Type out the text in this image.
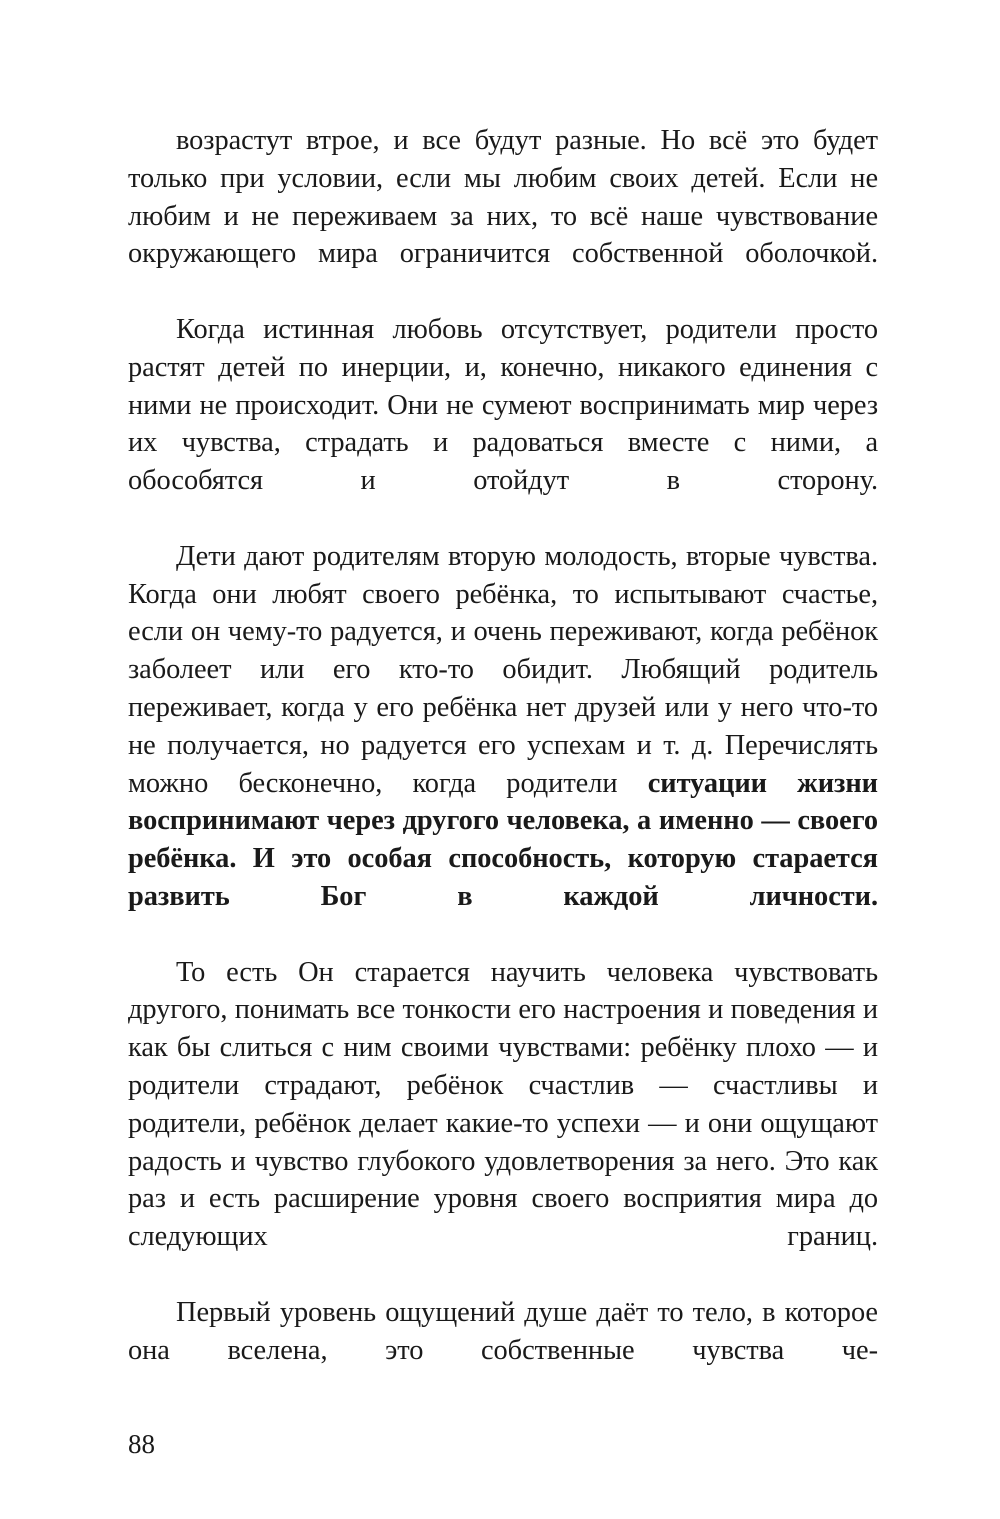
возрастут втрое, и все будут разные. Но всё это будет только при условии, если мы любим своих детей. Если не любим и не переживаем за них, то всё наше чувствование окружающего мира ограничится собственной оболочкой.

Когда истинная любовь отсутствует, родители просто растят детей по инерции, и, конечно, никакого единения с ними не происходит. Они не сумеют воспринимать мир через их чувства, страдать и радоваться вместе с ними, а обособятся и отойдут в сторону.

Дети дают родителям вторую молодость, вторые чувства. Когда они любят своего ребёнка, то испытывают счастье, если он чему-то радуется, и очень переживают, когда ребёнок заболеет или его кто-то обидит. Любящий родитель переживает, когда у его ребёнка нет друзей или у него что-то не получается, но радуется его успехам и т. д. Перечислять можно бесконечно, когда родители ситуации жизни воспринимают через другого человека, а именно — своего ребёнка. И это особая способность, которую старается развить Бог в каждой личности.

То есть Он старается научить человека чувствовать другого, понимать все тонкости его настроения и поведения и как бы слиться с ним своими чувствами: ребёнку плохо — и родители страдают, ребёнок счастлив — счастливы и родители, ребёнок делает какие-то успехи — и они ощущают радость и чувство глубокого удовлетворения за него. Это как раз и есть расширение уровня своего восприятия мира до следующих границ.

Первый уровень ощущений душе даёт то тело, в которое она вселена, это собственные чувства че-

88
